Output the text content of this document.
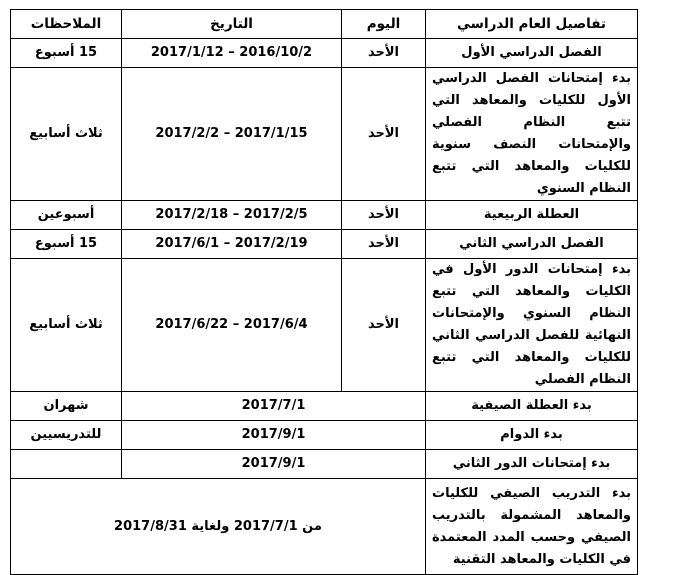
تفاصيل العام الدراسي	اليوم	التاريخ	الملاحظات
الفصل الدراسي الأول	الأحد	2016/10/2 – 2017/1/12	15 أسبوع
بدء إمتحانات الفصل الدراسي الأول للكليات والمعاهد التي تتبع النظام الفصلي والإمتحانات النصف سنوية للكليات والمعاهد التي تتبع النظام السنوي	الأحد	2017/1/15 – 2017/2/2	ثلاث أسابيع
العطلة الربيعية	الأحد	2017/2/5 – 2017/2/18	أسبوعين
الفصل الدراسي الثاني	الأحد	2017/2/19 – 2017/6/1	15 أسبوع
بدء إمتحانات الدور الأول في الكليات والمعاهد التي تتبع النظام السنوي والإمتحانات النهائية للفصل الدراسي الثاني للكليات والمعاهد التي تتبع النظام الفصلي	الأحد	2017/6/4 – 2017/6/22	ثلاث أسابيع
بدء العطلة الصيفية	2017/7/1		شهران
بدء الدوام	2017/9/1		للتدريسيين
بدء إمتحانات الدور الثاني	2017/9/1		
بدء التدريب الصيفي للكليات والمعاهد المشمولة بالتدريب الصيفي وحسب المدد المعتمدة في الكليات والمعاهد التقنية	من 2017/7/1 ولغاية 2017/8/31		
